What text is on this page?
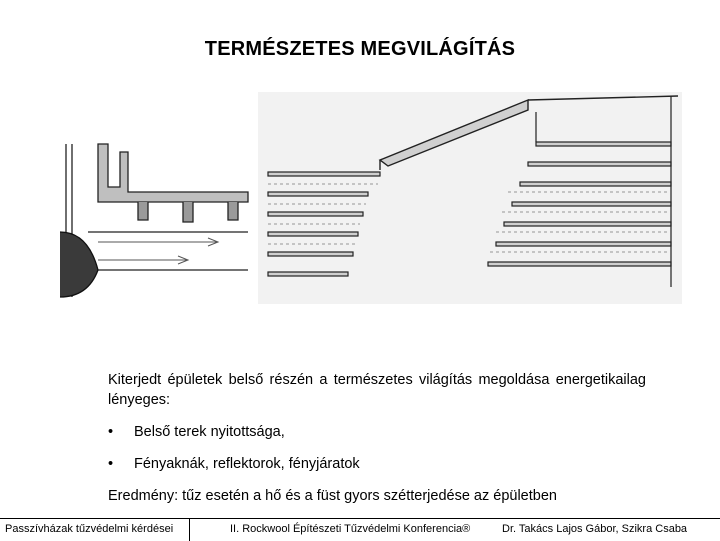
TERMÉSZETES MEGVILÁGÍTÁS
Kiterjedt épületek belső részén a természetes világítás megoldása energetikailag lényeges:
•	Belső terek nyitottsága,
•	Fényaknák, reflektorok, fényjáratok
Eredmény: tűz esetén a hő és a füst gyors szétterjedése az épületben
Passzívházak tűzvédelmi kérdései	II. Rockwool Építészeti Tűzvédelmi Konferencia®	Dr. Takács Lajos Gábor, Szikra Csaba
